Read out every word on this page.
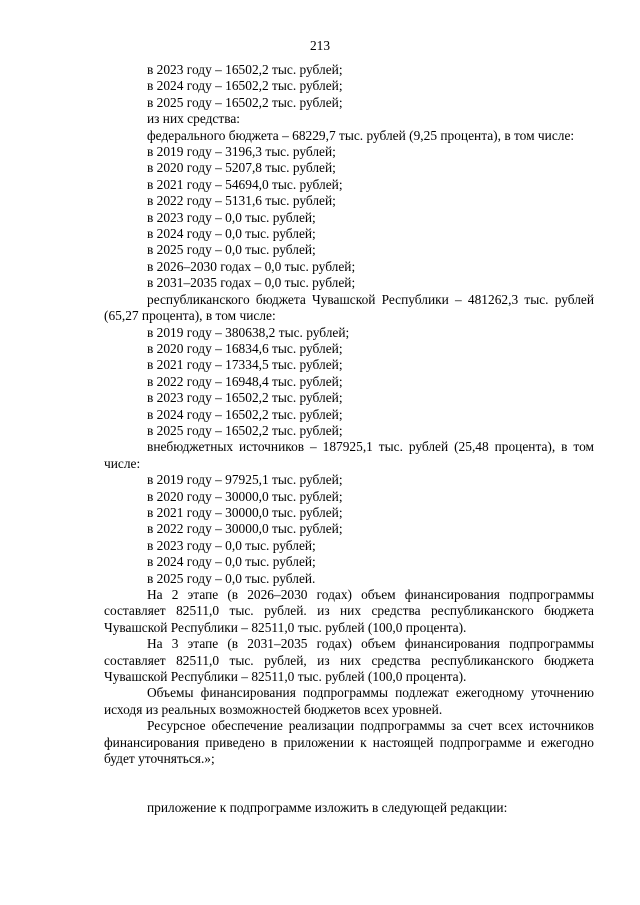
213
в 2023 году – 16502,2 тыс. рублей;
в 2024 году – 16502,2 тыс. рублей;
в 2025 году – 16502,2 тыс. рублей;
из них средства:
федерального бюджета – 68229,7 тыс. рублей (9,25 процента), в том числе:
в 2019 году – 3196,3 тыс. рублей;
в 2020 году – 5207,8 тыс. рублей;
в 2021 году – 54694,0 тыс. рублей;
в 2022 году – 5131,6 тыс. рублей;
в 2023 году – 0,0 тыс. рублей;
в 2024 году – 0,0 тыс. рублей;
в 2025 году – 0,0 тыс. рублей;
в 2026–2030 годах – 0,0 тыс. рублей;
в 2031–2035 годах – 0,0 тыс. рублей;

республиканского бюджета Чувашской Республики – 481262,3 тыс. рублей (65,27 процента), в том числе:

в 2019 году – 380638,2 тыс. рублей;
в 2020 году – 16834,6 тыс. рублей;
в 2021 году – 17334,5 тыс. рублей;
в 2022 году – 16948,4 тыс. рублей;
в 2023 году – 16502,2 тыс. рублей;
в 2024 году – 16502,2 тыс. рублей;
в 2025 году – 16502,2 тыс. рублей;

внебюджетных источников – 187925,1 тыс. рублей (25,48 процента), в том числе:

в 2019 году – 97925,1 тыс. рублей;
в 2020 году – 30000,0 тыс. рублей;
в 2021 году – 30000,0 тыс. рублей;
в 2022 году – 30000,0 тыс. рублей;
в 2023 году – 0,0 тыс. рублей;
в 2024 году – 0,0 тыс. рублей;
в 2025 году – 0,0 тыс. рублей.

На 2 этапе (в 2026–2030 годах) объем финансирования подпрограммы составляет 82511,0 тыс. рублей. из них средства республиканского бюджета Чувашской Республики – 82511,0 тыс. рублей (100,0 процента).

На 3 этапе (в 2031–2035 годах) объем финансирования подпрограммы составляет 82511,0 тыс. рублей, из них средства республиканского бюджета Чувашской Республики – 82511,0 тыс. рублей (100,0 процента).

Объемы финансирования подпрограммы подлежат ежегодному уточнению исходя из реальных возможностей бюджетов всех уровней.

Ресурсное обеспечение реализации подпрограммы за счет всех источников финансирования приведено в приложении к настоящей подпрограмме и ежегодно будет уточняться.»;

приложение к подпрограмме изложить в следующей редакции:
